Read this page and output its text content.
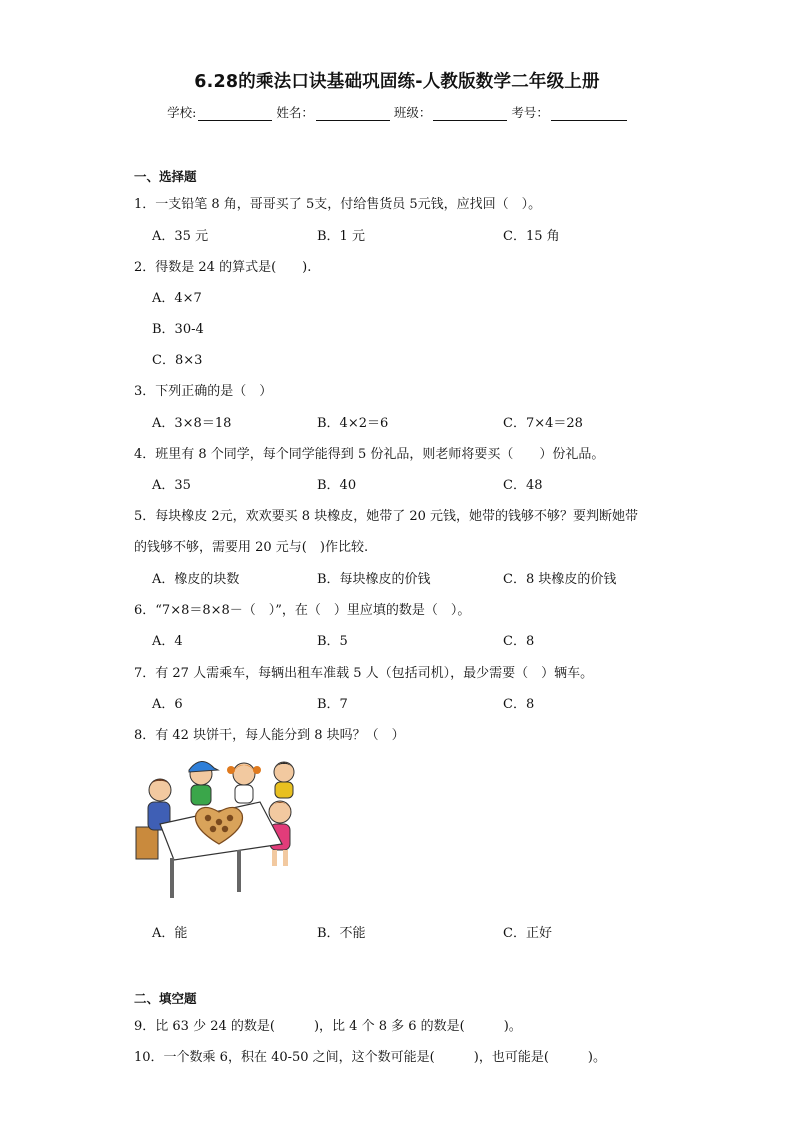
6.28的乘法口诀基础巩固练-人教版数学二年级上册
学校:	姓名：	班级：	考号：
一、选择题
1．一支铅笔 8 角，哥哥买了 5支，付给售货员 5元钱，应找回（　）。
A．35 元	B．1 元	C．15 角
2．得数是 24 的算式是(　　).
A．4×7
B．30-4
C．8×3
3．下列正确的是（　）
A．3×8＝18	B．4×2＝6	C．7×4＝28
4．班里有 8 个同学，每个同学能得到 5 份礼品，则老师将要买（　　）份礼品。
A．35	B．40	C．48
5．每块橡皮 2元，欢欢要买 8 块橡皮，她带了 20 元钱，她带的钱够不够？要判断她带
的钱够不够，需要用 20 元与(　)作比较.
A．橡皮的块数	B．每块橡皮的价钱	C．8 块橡皮的价钱
6．“7×8＝8×8－（　）”，在（　）里应填的数是（　）。
A．4	B．5	C．8
7．有 27 人需乘车，每辆出租车准载 5 人（包括司机），最少需要（　）辆车。
A．6	B．7	C．8
8．有 42 块饼干，每人能分到 8 块吗？（　）
A．能	B．不能	C．正好
二、填空题
9．比 63 少 24 的数是(　　　)，比 4 个 8 多 6 的数是(　　　)。
10．一个数乘 6，积在 40-50 之间，这个数可能是(　　　)，也可能是(　　　)。
